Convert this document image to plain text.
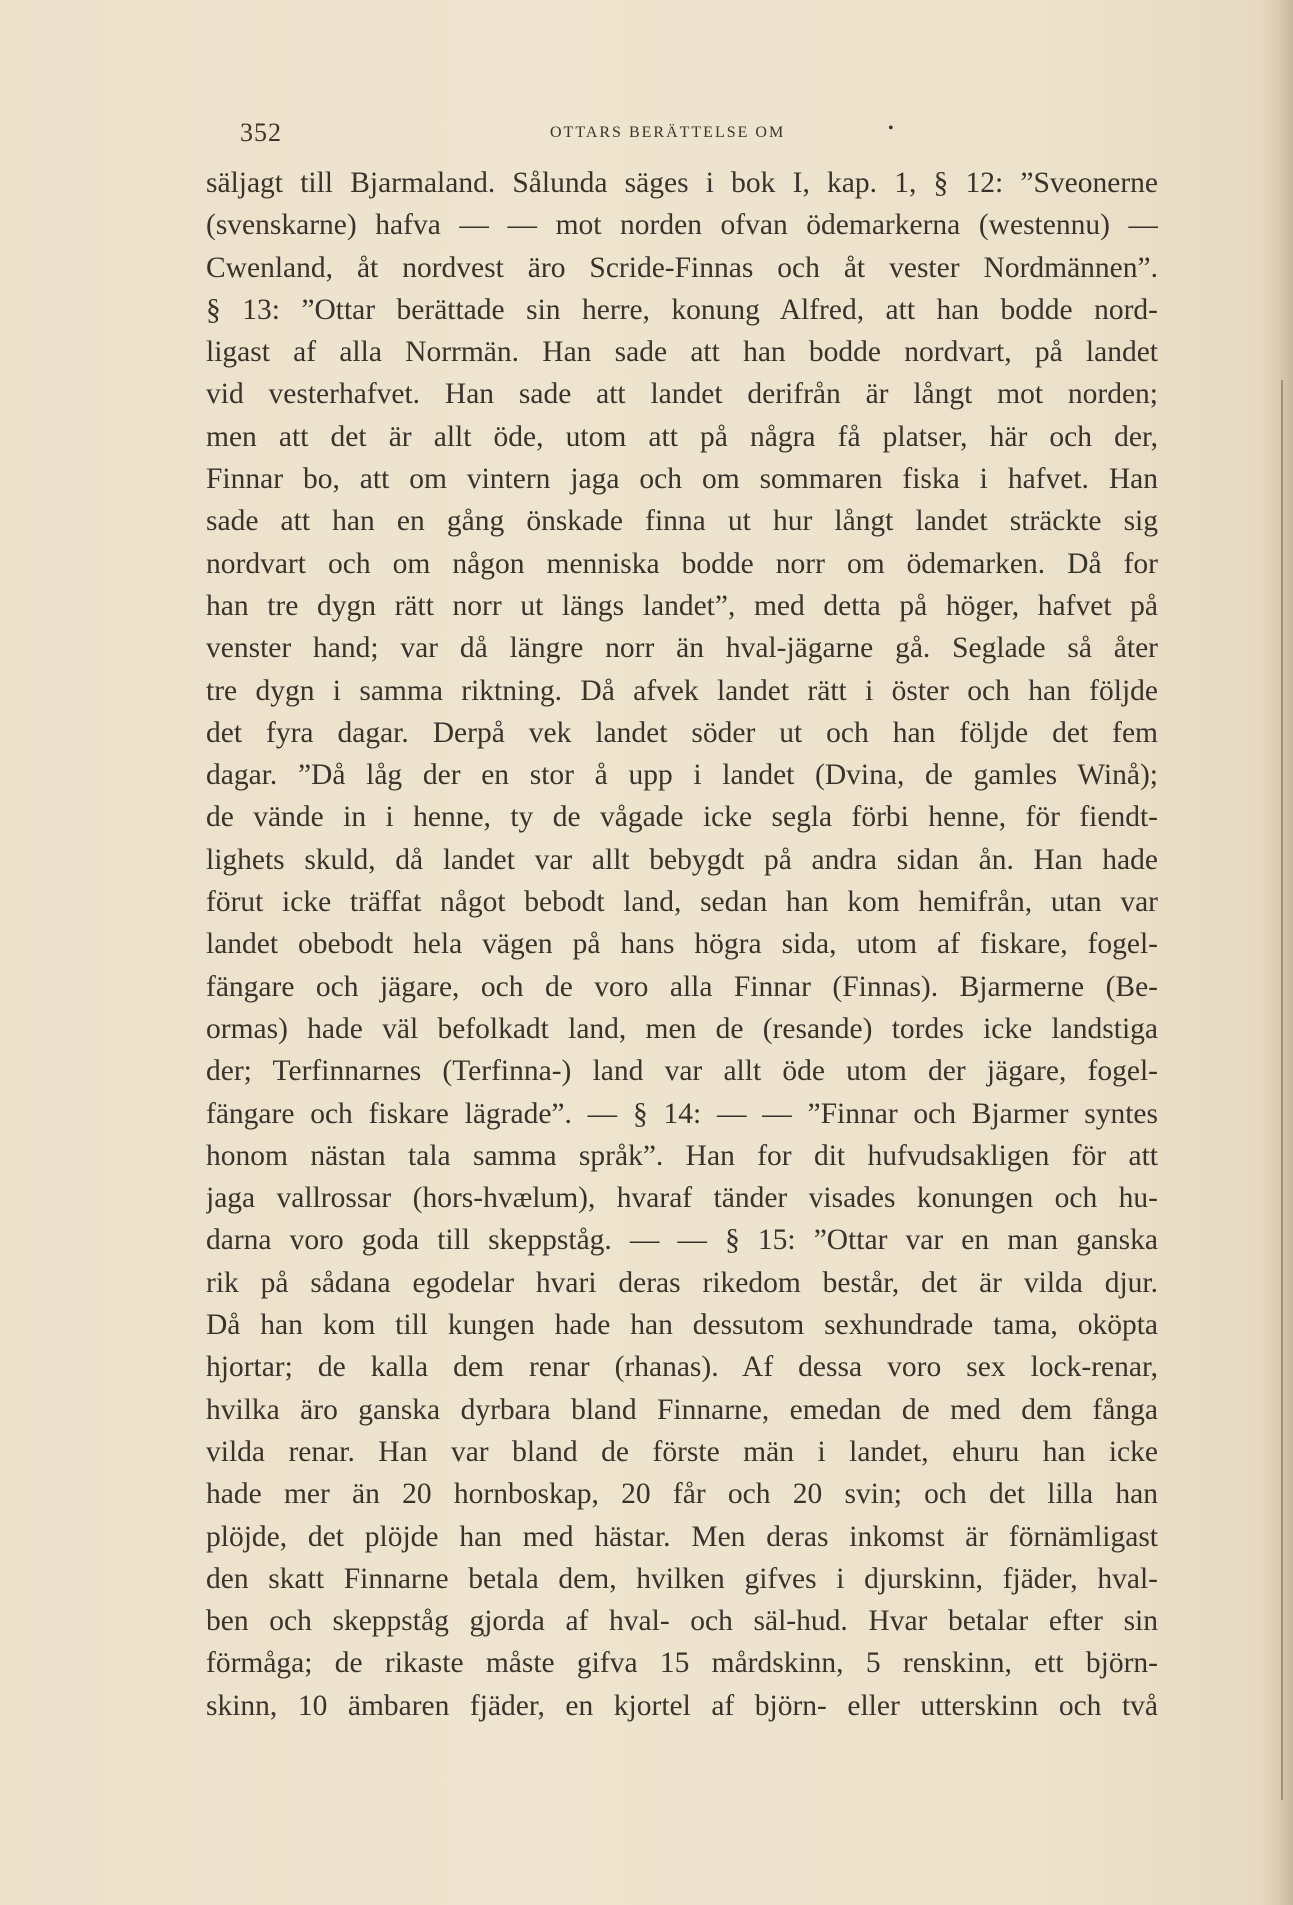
352	OTTARS BERÄTTELSE OM	•
säljagt till Bjarmaland. Sålunda säges i bok I, kap. 1, § 12: ”Sveonerne
(svenskarne) hafva — — mot norden ofvan ödemarkerna (westennu) —
Cwenland, åt nordvest äro Scride-Finnas och åt vester Nordmännen”.
§ 13: ”Ottar berättade sin herre, konung Alfred, att han bodde nord-
ligast af alla Norrmän. Han sade att han bodde nordvart, på landet
vid vesterhafvet. Han sade att landet derifrån är långt mot norden;
men att det är allt öde, utom att på några få platser, här och der,
Finnar bo, att om vintern jaga och om sommaren fiska i hafvet. Han
sade att han en gång önskade finna ut hur långt landet sträckte sig
nordvart och om någon menniska bodde norr om ödemarken. Då for
han tre dygn rätt norr ut längs landet”, med detta på höger, hafvet på
venster hand; var då längre norr än hval-jägarne gå. Seglade så åter
tre dygn i samma riktning. Då afvek landet rätt i öster och han följde
det fyra dagar. Derpå vek landet söder ut och han följde det fem
dagar. ”Då låg der en stor å upp i landet (Dvina, de gamles Winå);
de vände in i henne, ty de vågade icke segla förbi henne, för fiendt-
lighets skuld, då landet var allt bebygdt på andra sidan ån. Han hade
förut icke träffat något bebodt land, sedan han kom hemifrån, utan var
landet obebodt hela vägen på hans högra sida, utom af fiskare, fogel-
fängare och jägare, och de voro alla Finnar (Finnas). Bjarmerne (Be-
ormas) hade väl befolkadt land, men de (resande) tordes icke landstiga
der; Terfinnarnes (Terfinna-) land var allt öde utom der jägare, fogel-
fängare och fiskare lägrade”. — § 14: — — ”Finnar och Bjarmer syntes
honom nästan tala samma språk”. Han for dit hufvudsakligen för att
jaga vallrossar (hors-hvælum), hvaraf tänder visades konungen och hu-
darna voro goda till skeppståg. — — § 15: ”Ottar var en man ganska
rik på sådana egodelar hvari deras rikedom består, det är vilda djur.
Då han kom till kungen hade han dessutom sexhundrade tama, oköpta
hjortar; de kalla dem renar (rhanas). Af dessa voro sex lock-renar,
hvilka äro ganska dyrbara bland Finnarne, emedan de med dem fånga
vilda renar. Han var bland de förste män i landet, ehuru han icke
hade mer än 20 hornboskap, 20 får och 20 svin; och det lilla han
plöjde, det plöjde han med hästar. Men deras inkomst är förnämligast
den skatt Finnarne betala dem, hvilken gifves i djurskinn, fjäder, hval-
ben och skeppståg gjorda af hval- och säl-hud. Hvar betalar efter sin
förmåga; de rikaste måste gifva 15 mårdskinn, 5 renskinn, ett björn-
skinn, 10 ämbaren fjäder, en kjortel af björn- eller utterskinn och två
